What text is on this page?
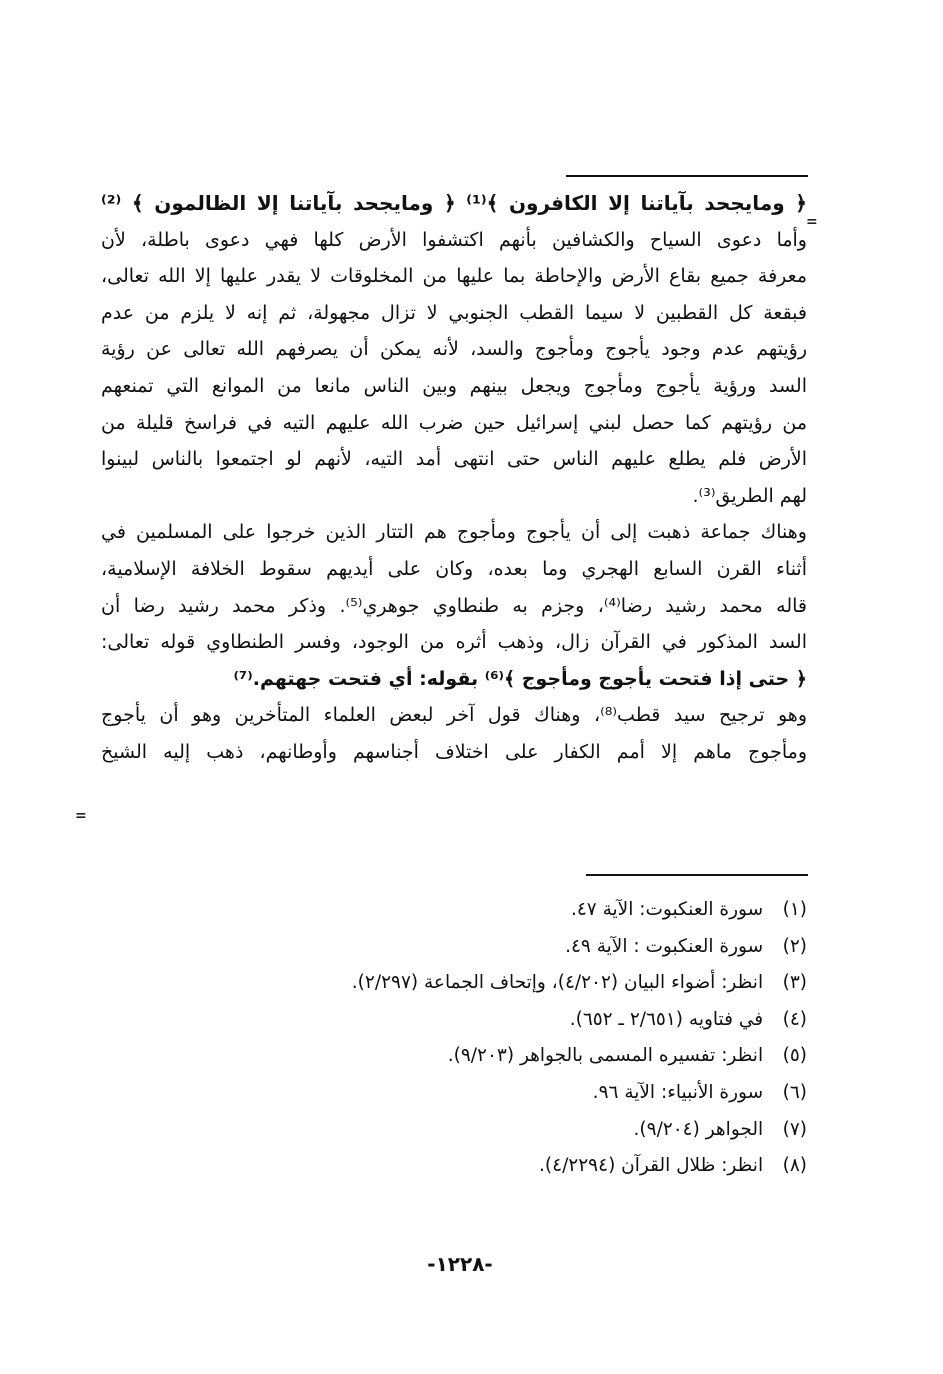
=
﴿ ومايجحد بآياتنا إلا الكافرون ﴾⁽¹⁾ ﴿ ومايجحد بآياتنا إلا الظالمون ﴾ ⁽²⁾
وأما دعوى السياح والكشافين بأنهم اكتشفوا الأرض كلها فهي دعوى باطلة، لأن
معرفة جميع بقاع الأرض والإحاطة بما عليها من المخلوقات لا يقدر عليها إلا الله تعالى،
فبقعة كل القطبين لا سيما القطب الجنوبي لا تزال مجهولة، ثم إنه لا يلزم من عدم
رؤيتهم عدم وجود يأجوج ومأجوج والسد، لأنه يمكن أن يصرفهم الله تعالى عن رؤية
السد ورؤية يأجوج ومأجوج ويجعل بينهم وبين الناس مانعا من الموانع التي تمنعهم
من رؤيتهم كما حصل لبني إسرائيل حين ضرب الله عليهم التيه في فراسخ قليلة من
الأرض فلم يطلع عليهم الناس حتى انتهى أمد التيه، لأنهم لو اجتمعوا بالناس لبينوا
لهم الطريق⁽³⁾.
وهناك جماعة ذهبت إلى أن يأجوج ومأجوج هم التتار الذين خرجوا على المسلمين في
أثناء القرن السابع الهجري وما بعده، وكان على أيديهم سقوط الخلافة الإسلامية،
قاله محمد رشيد رضا⁽⁴⁾، وجزم به طنطاوي جوهري⁽⁵⁾. وذكر محمد رشيد رضا أن
السد المذكور في القرآن زال، وذهب أثره من الوجود، وفسر الطنطاوي قوله تعالى:
﴿ حتى إذا فتحت يأجوج ومأجوج ﴾⁽⁶⁾ بقوله: أي فتحت جهتهم.⁽⁷⁾
وهو ترجيح سيد قطب⁽⁸⁾، وهناك قول آخر لبعض العلماء المتأخرين وهو أن يأجوج
ومأجوج ماهم إلا أمم الكفار على اختلاف أجناسهم وأوطانهم، ذهب إليه الشيخ
=
(١) سورة العنكبوت: الآية ٤٧.
(٢) سورة العنكبوت : الآية ٤٩.
(٣) انظر: أضواء البيان (٤/٢٠٢)، وإتحاف الجماعة (٢/٢٩٧).
(٤) في فتاويه (٢/٦٥١ ـ ٦٥٢).
(٥) انظر: تفسيره المسمى بالجواهر (٩/٢٠٣).
(٦) سورة الأنبياء: الآية ٩٦.
(٧) الجواهر (٩/٢٠٤).
(٨) انظر: ظلال القرآن (٤/٢٢٩٤).
-١٢٢٨-
